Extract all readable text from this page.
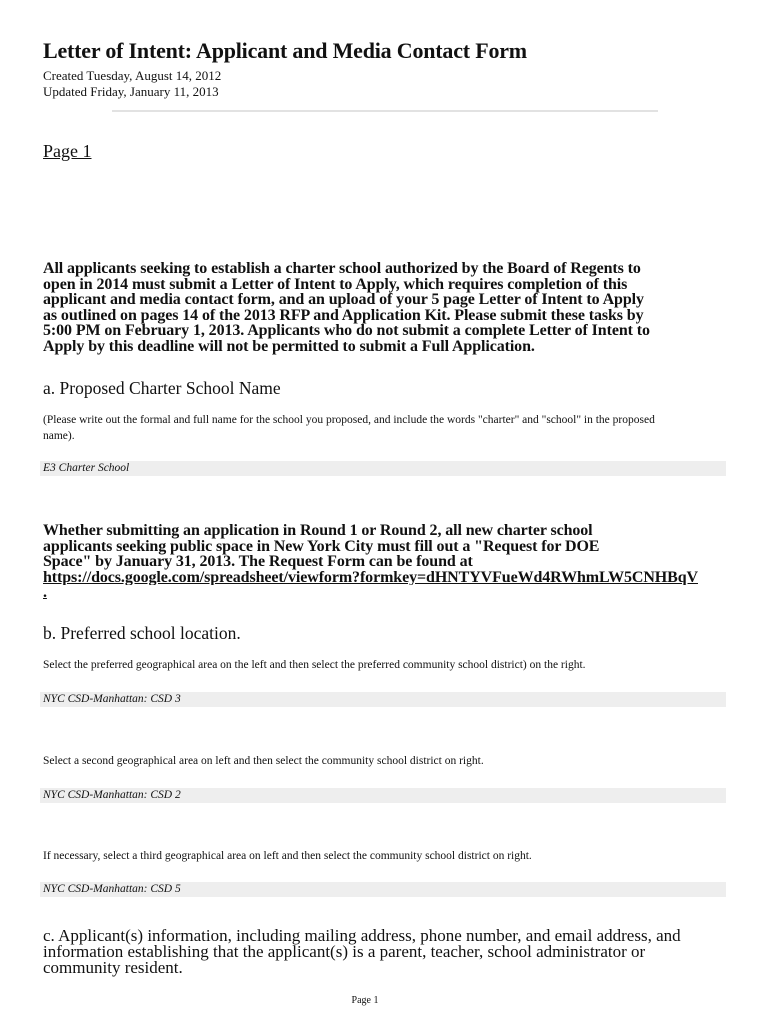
Letter of Intent: Applicant and Media Contact Form
Created Tuesday, August 14, 2012
Updated Friday, January 11, 2013
Page 1
All applicants seeking to establish a charter school authorized by the Board of Regents to
open in 2014 must submit a Letter of Intent to Apply, which requires completion of this
applicant and media contact form, and an upload of your 5 page Letter of Intent to Apply
as outlined on pages 14 of the 2013 RFP and Application Kit. Please submit these tasks by
5:00 PM on February 1, 2013. Applicants who do not submit a complete Letter of Intent to
Apply by this deadline will not be permitted to submit a Full Application.
a. Proposed Charter School Name
(Please write out the formal and full name for the school you proposed, and include the words "charter" and "school" in the proposed
name).
E3 Charter School
Whether submitting an application in Round 1 or Round 2, all new charter school
applicants seeking public space in New York City must fill out a "Request for DOE
Space" by January 31, 2013. The Request Form can be found at
https://docs.google.com/spreadsheet/viewform?formkey=dHNTYVFueWd4RWhmLW5CNHBqV
.
b. Preferred school location.
Select the preferred geographical area on the left and then select the preferred community school district) on the right.
NYC CSD-Manhattan: CSD 3
Select a second geographical area on left and then select the community school district on right.
NYC CSD-Manhattan: CSD 2
If necessary, select a third geographical area on left and then select the community school district on right.
NYC CSD-Manhattan: CSD 5
c. Applicant(s) information, including mailing address, phone number, and email address, and
information establishing that the applicant(s) is a parent, teacher, school administrator or
community resident.
Page 1
